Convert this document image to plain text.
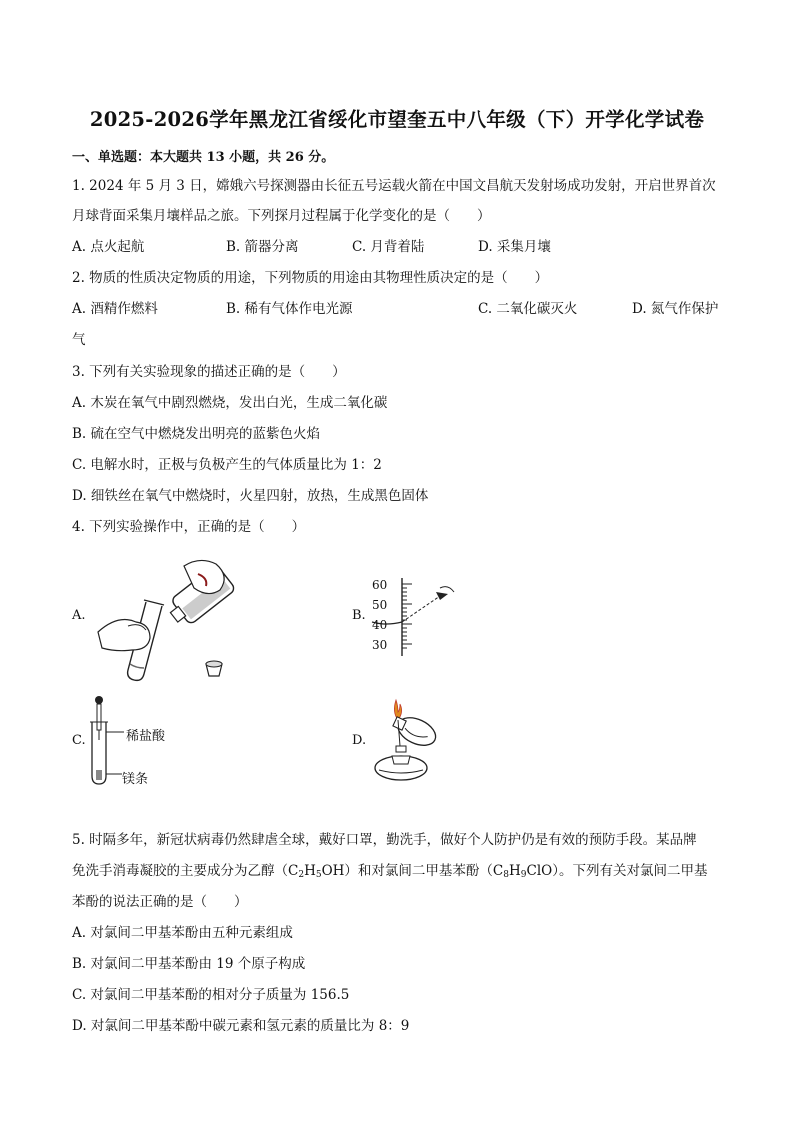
2025-2026学年黑龙江省绥化市望奎五中八年级（下）开学化学试卷
一、单选题：本大题共 13 小题，共 26 分。
1. 2024 年 5 月 3 日，嫦娥六号探测器由长征五号运载火箭在中国文昌航天发射场成功发射，开启世界首次
月球背面采集月壤样品之旅。下列探月过程属于化学变化的是（　　）
A. 点火起航	B. 箭器分离	C. 月背着陆	D. 采集月壤
2. 物质的性质决定物质的用途，下列物质的用途由其物理性质决定的是（　　）
A. 酒精作燃料	B. 稀有气体作电光源	C. 二氧化碳灭火	D. 氮气作保护
气
3. 下列有关实验现象的描述正确的是（　　）
A. 木炭在氧气中剧烈燃烧，发出白光，生成二氧化碳
B. 硫在空气中燃烧发出明亮的蓝紫色火焰
C. 电解水时，正极与负极产生的气体质量比为 1：2
D. 细铁丝在氧气中燃烧时，火星四射，放热，生成黑色固体
4. 下列实验操作中，正确的是（　　）
A.	B.
60
50
40
30
C.	稀盐酸
镁条
D.
5. 时隔多年，新冠状病毒仍然肆虐全球，戴好口罩，勤洗手，做好个人防护仍是有效的预防手段。某品牌
免洗手消毒凝胶的主要成分为乙醇$(C_2H_5OH)$和对氯间二甲基苯酚$(C_8H_9ClO)$。下列有关对氯间二甲基
苯酚的说法正确的是（　　）
A. 对氯间二甲基苯酚由五种元素组成
B. 对氯间二甲基苯酚由 19 个原子构成
C. 对氯间二甲基苯酚的相对分子质量为 156.5
D. 对氯间二甲基苯酚中碳元素和氢元素的质量比为 8：9
